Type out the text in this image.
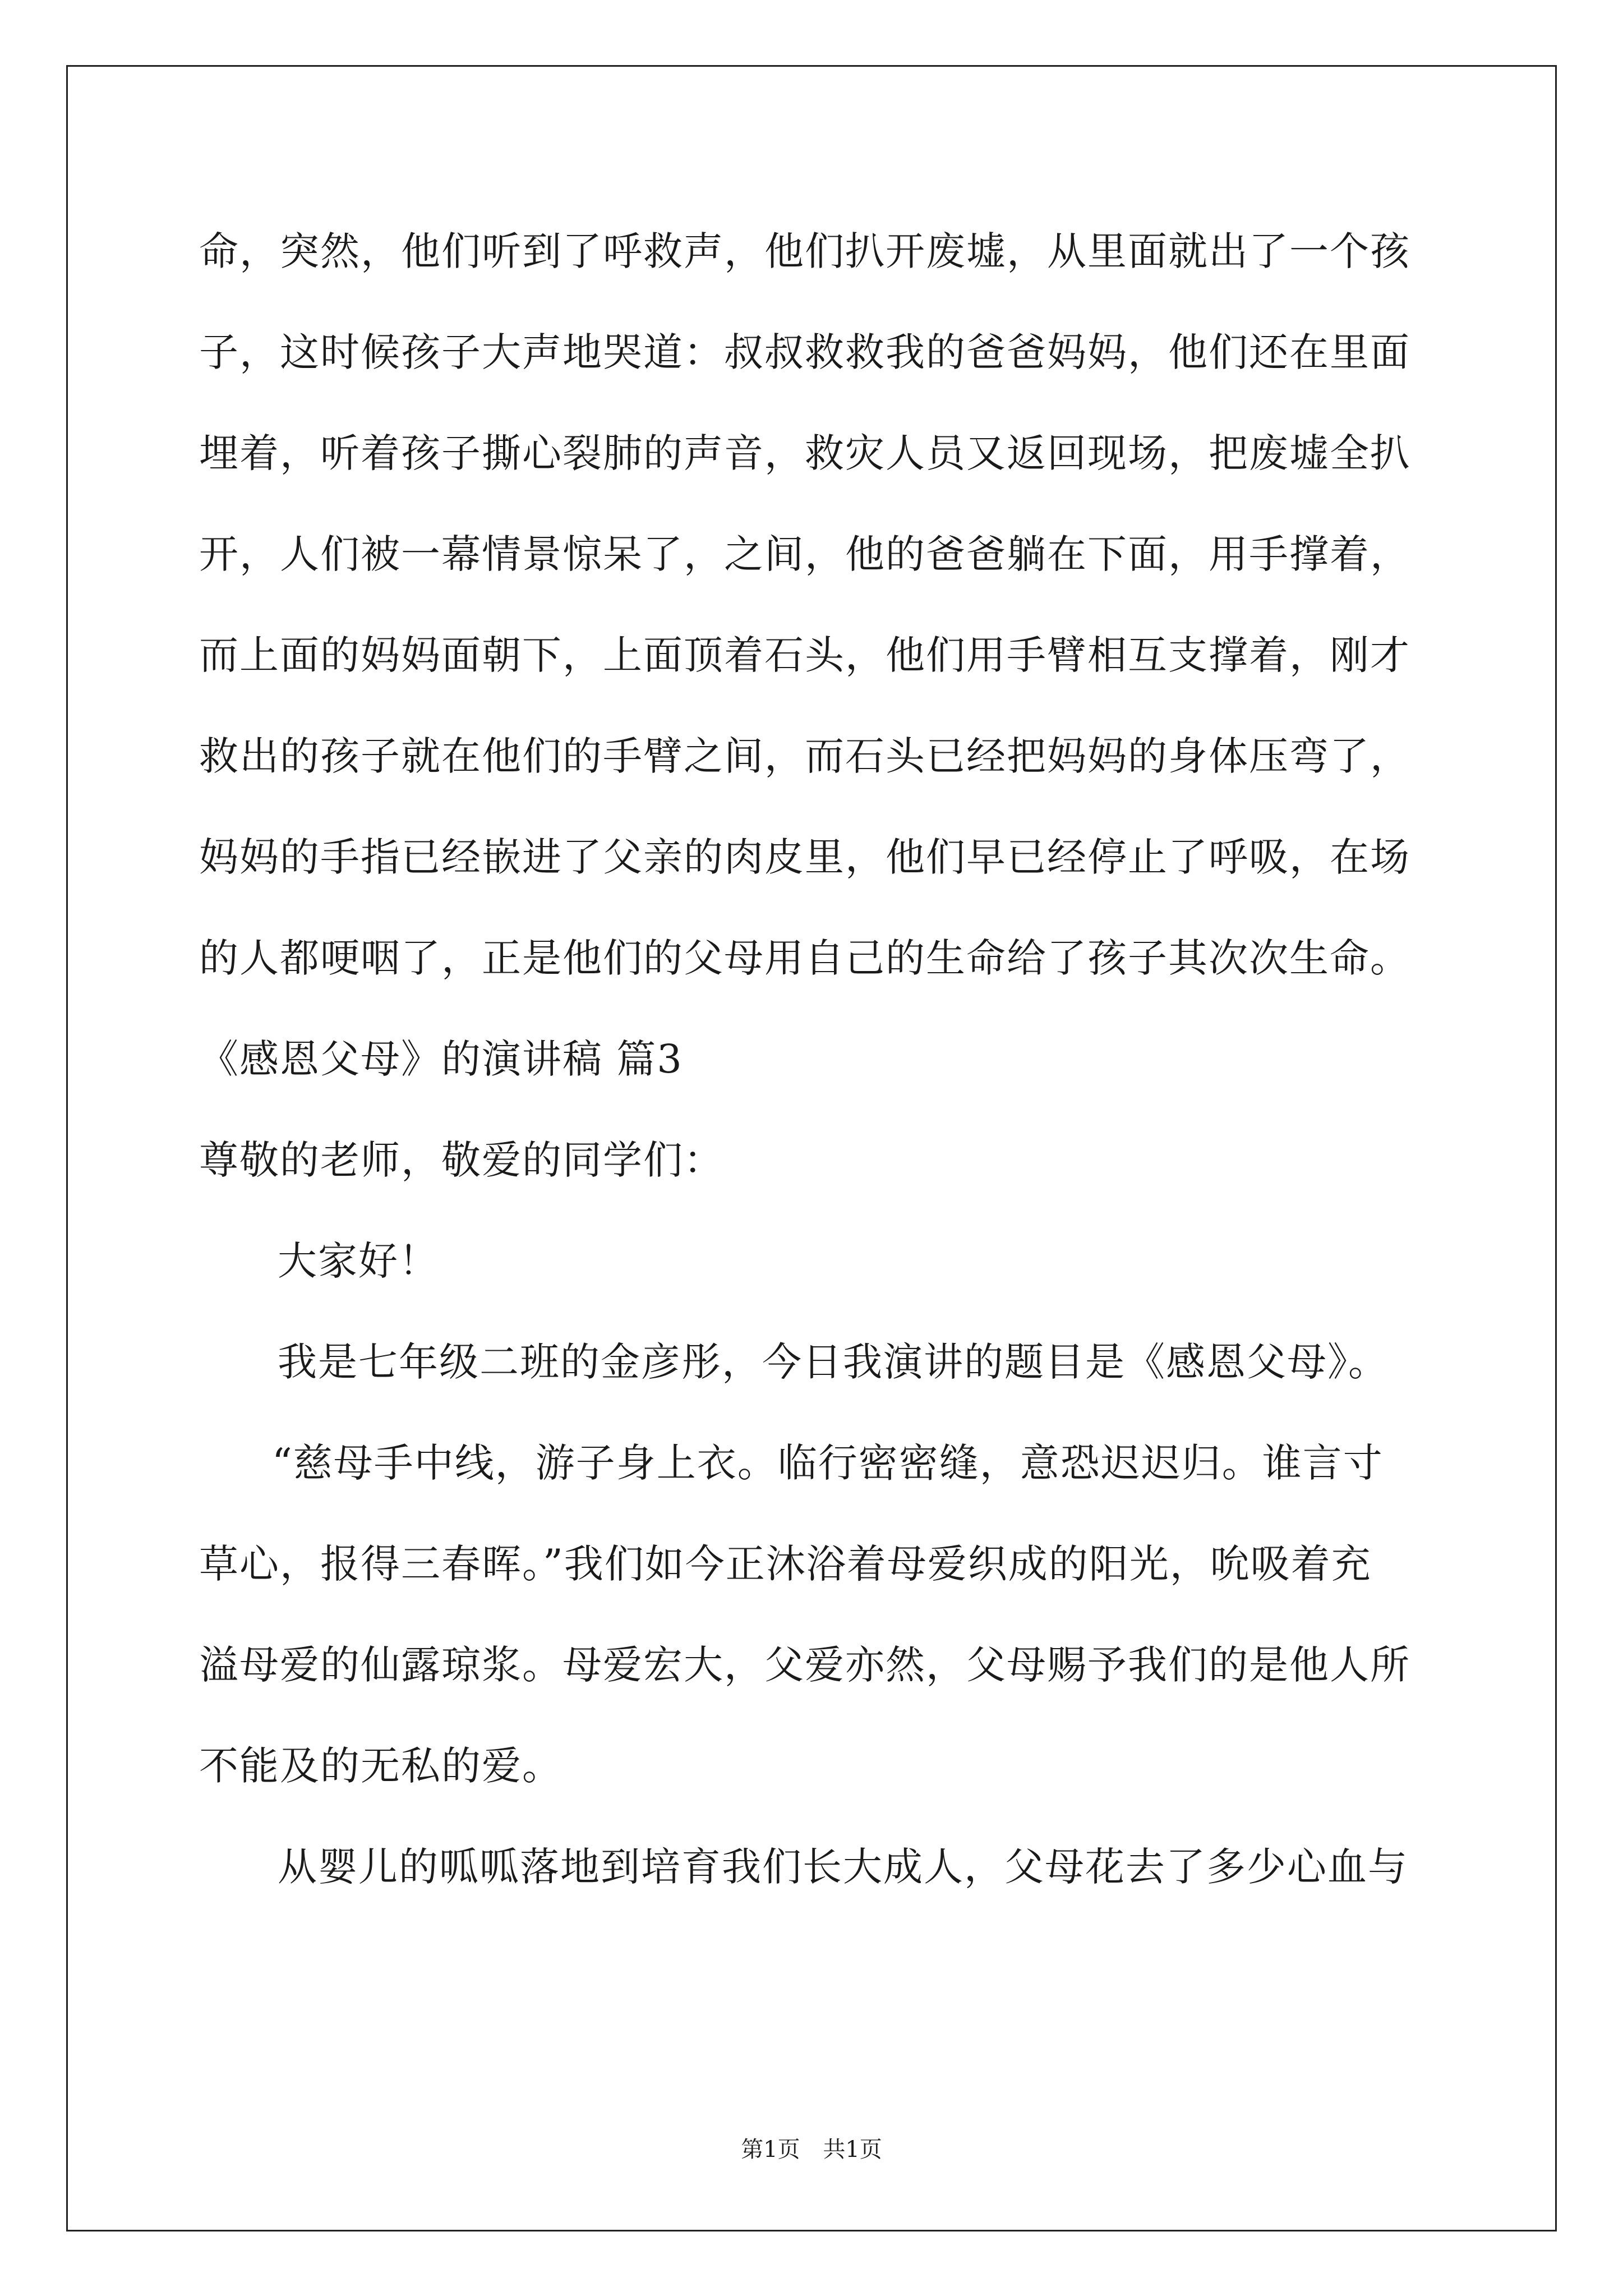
命，突然，他们听到了呼救声，他们扒开废墟，从里面就出了一个孩

子，这时候孩子大声地哭道：叔叔救救我的爸爸妈妈，他们还在里面

埋着，听着孩子撕心裂肺的声音，救灾人员又返回现场，把废墟全扒

开，人们被一幕情景惊呆了，之间，他的爸爸躺在下面，用手撑着，

而上面的妈妈面朝下，上面顶着石头，他们用手臂相互支撑着，刚才

救出的孩子就在他们的手臂之间，而石头已经把妈妈的身体压弯了，

妈妈的手指已经嵌进了父亲的肉皮里，他们早已经停止了呼吸，在场

的人都哽咽了，正是他们的父母用自己的生命给了孩子其次次生命。

《感恩父母》的演讲稿 篇3

尊敬的老师，敬爱的同学们：

大家好！

我是七年级二班的金彦彤，今日我演讲的题目是《感恩父母》。

“慈母手中线，游子身上衣。临行密密缝，意恐迟迟归。谁言寸

草心，报得三春晖。”我们如今正沐浴着母爱织成的阳光，吮吸着充

溢母爱的仙露琼浆。母爱宏大，父爱亦然，父母赐予我们的是他人所

不能及的无私的爱。

从婴儿的呱呱落地到培育我们长大成人，父母花去了多少心血与

第1页 共1页
